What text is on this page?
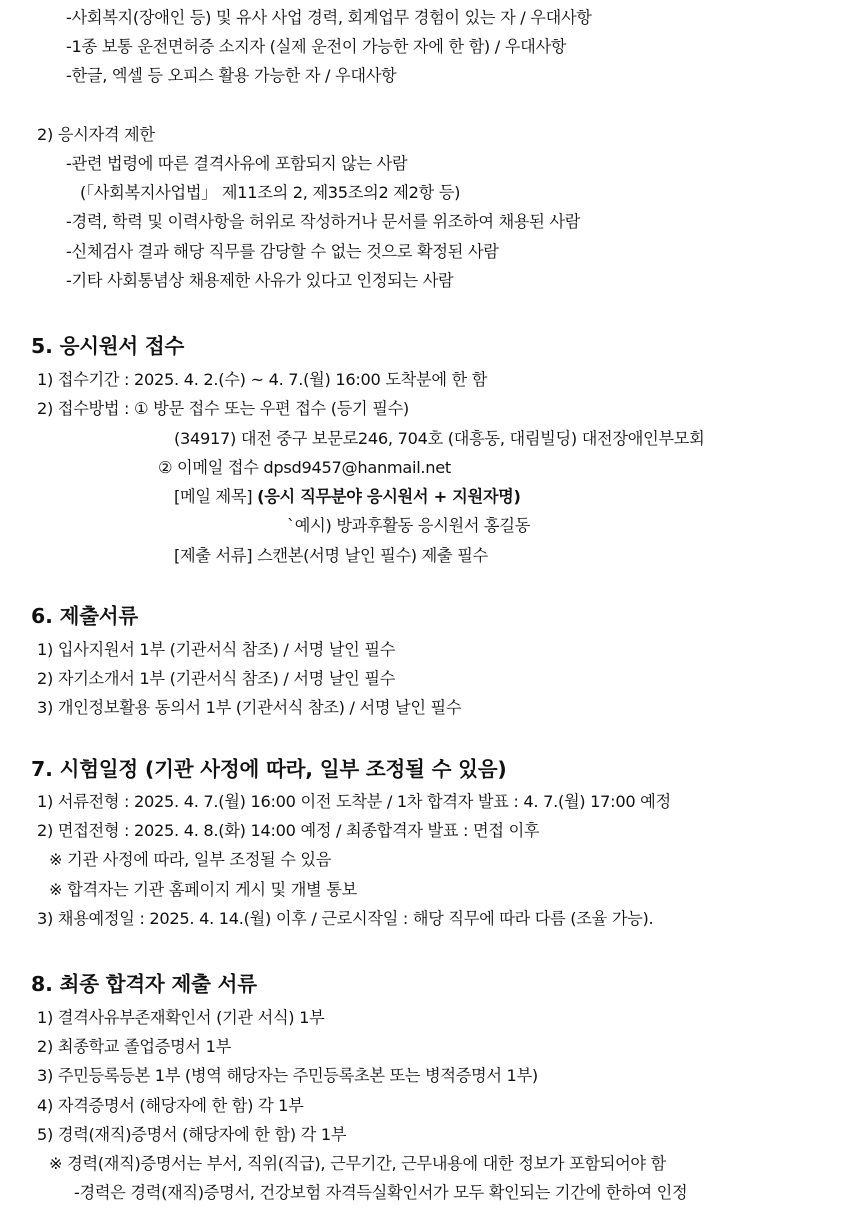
-사회복지(장애인 등) 및 유사 사업 경력, 회계업무 경험이 있는 자 / 우대사항
-1종 보통 운전면허증 소지자 (실제 운전이 가능한 자에 한 함) / 우대사항
-한글, 엑셀 등 오피스 활용 가능한 자 / 우대사항
2) 응시자격 제한
-관련 법령에 따른 결격사유에 포함되지 않는 사람
(「사회복지사업법」 제11조의 2, 제35조의2 제2항 등)
-경력, 학력 및 이력사항을 허위로 작성하거나 문서를 위조하여 채용된 사람
-신체검사 결과 해당 직무를 감당할 수 없는 것으로 확정된 사람
-기타 사회통념상 채용제한 사유가 있다고 인정되는 사람
5. 응시원서 접수
1) 접수기간 : 2025. 4. 2.(수) ~ 4. 7.(월) 16:00 도착분에 한 함
2) 접수방법 : ① 방문 접수 또는 우편 접수 (등기 필수)
(34917) 대전 중구 보문로246, 704호 (대흥동, 대림빌딩) 대전장애인부모회
② 이메일 접수 dpsd9457@hanmail.net
[메일 제목] (응시 직무분야 응시원서 + 지원자명)
`예시) 방과후활동 응시원서 홍길동
[제출 서류] 스캔본(서명 날인 필수) 제출 필수
6. 제출서류
1) 입사지원서 1부 (기관서식 참조) / 서명 날인 필수
2) 자기소개서 1부 (기관서식 참조) / 서명 날인 필수
3) 개인정보활용 동의서 1부 (기관서식 참조) / 서명 날인 필수
7. 시험일정 (기관 사정에 따라, 일부 조정될 수 있음)
1) 서류전형 : 2025. 4. 7.(월) 16:00 이전 도착분 / 1차 합격자 발표 : 4. 7.(월) 17:00 예정
2) 면접전형 : 2025. 4. 8.(화) 14:00 예정 / 최종합격자 발표 : 면접 이후
※ 기관 사정에 따라, 일부 조정될 수 있음
※ 합격자는 기관 홈페이지 게시 및 개별 통보
3) 채용예정일 : 2025. 4. 14.(월) 이후 / 근로시작일 : 해당 직무에 따라 다름 (조율 가능).
8. 최종 합격자 제출 서류
1) 결격사유부존재확인서 (기관 서식) 1부
2) 최종학교 졸업증명서 1부
3) 주민등록등본 1부 (병역 해당자는 주민등록초본 또는 병적증명서 1부)
4) 자격증명서 (해당자에 한 함) 각 1부
5) 경력(재직)증명서 (해당자에 한 함) 각 1부
※ 경력(재직)증명서는 부서, 직위(직급), 근무기간, 근무내용에 대한 정보가 포함되어야 함
-경력은 경력(재직)증명서, 건강보험 자격득실확인서가 모두 확인되는 기간에 한하여 인정
